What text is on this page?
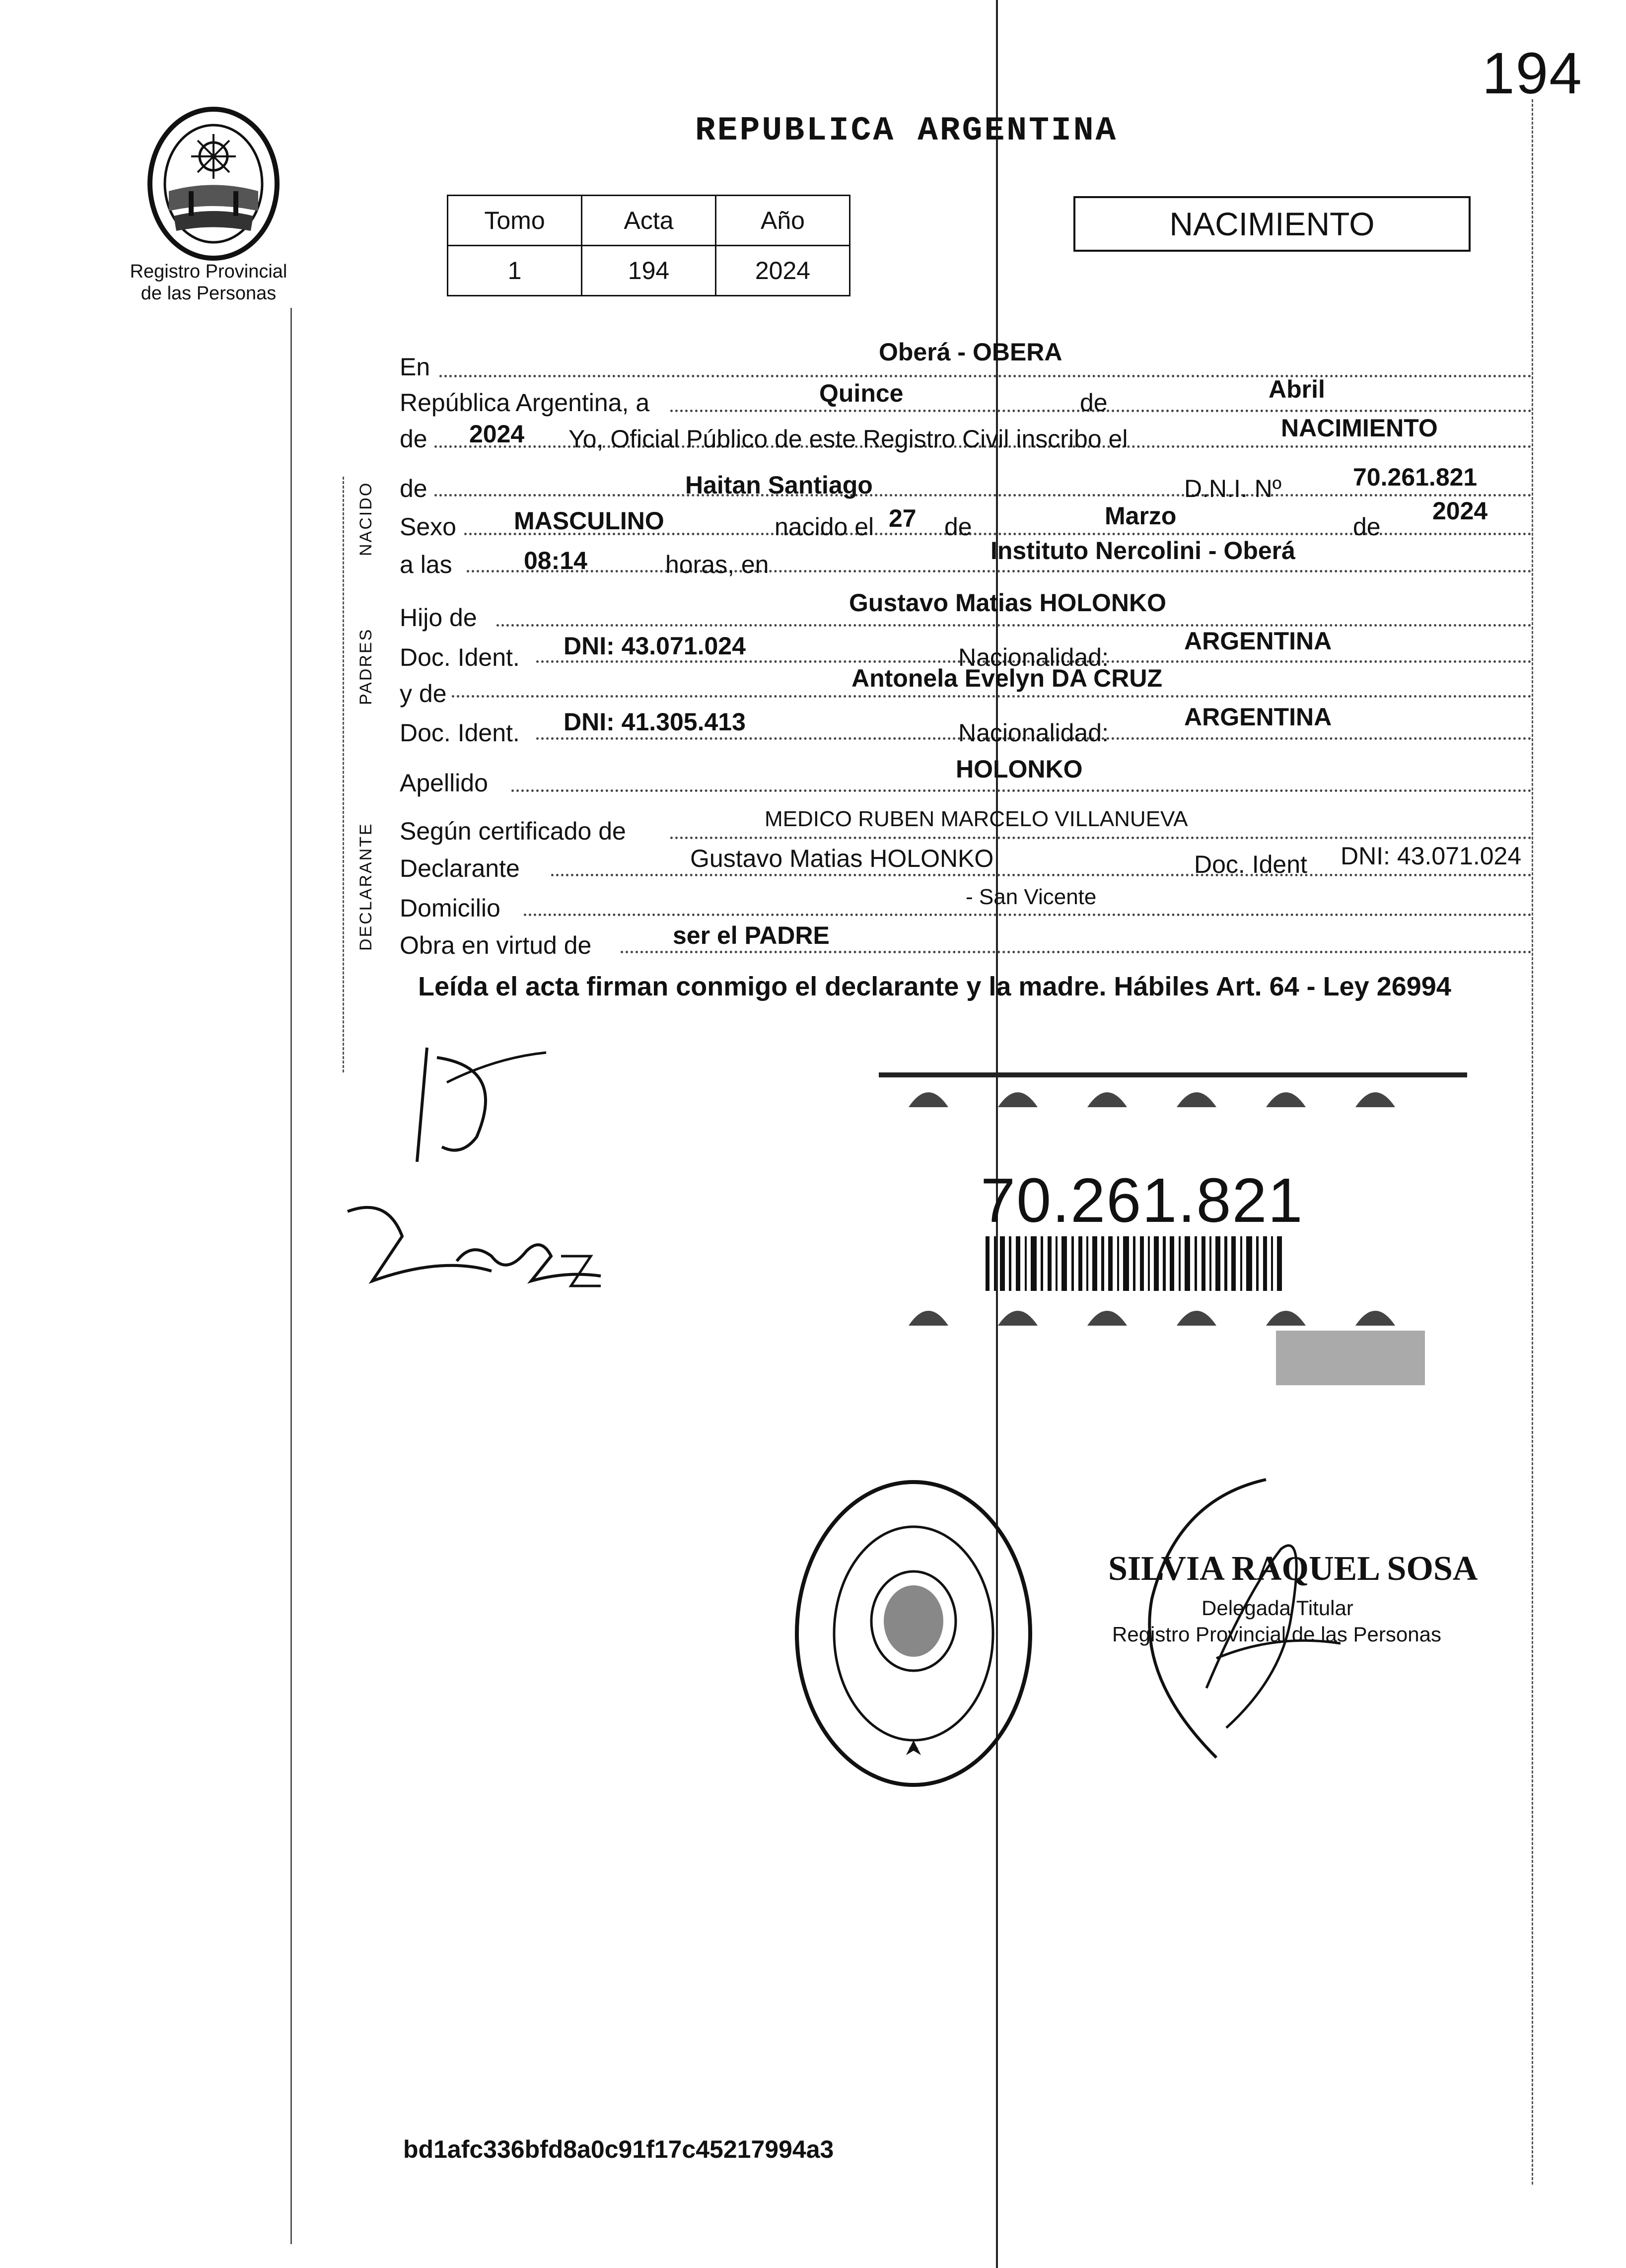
194
Registro Provincial
de las Personas
REPUBLICA ARGENTINA
Tomo	Acta	Año
1	194	2024
NACIMIENTO
NACIDO
PADRES
DECLARANTE
En
Oberá - OBERA
República Argentina, a	Quince	de	Abril
de 2024 Yo, Oficial Público de este Registro Civil inscribo el	NACIMIENTO
de	Haitan Santiago	D.N.I. Nº	70.261.821
Sexo MASCULINO	nacido el 27 de	Marzo	de
2024
a las	08:14	horas, en	Instituto Nercolini - Oberá
Hijo de
Gustavo Matias HOLONKO
Doc. Ident. DNI: 43.071.024	Nacionalidad:
ARGENTINA
y de
Antonela Evelyn DA CRUZ
Doc. Ident. DNI: 41.305.413	Nacionalidad:
ARGENTINA
Apellido	HOLONKO
Según certificado de	MEDICO RUBEN MARCELO VILLANUEVA
Declarante	Gustavo Matias HOLONKO	Doc. Ident DNI: 43.071.024
Domicilio	- San Vicente
Obra en virtud de	ser el PADRE
Leída el acta firman conmigo el declarante y la madre. Hábiles Art. 64 - Ley 26994
70.261.821
SILVIA RAQUEL SOSA
Delegada Titular
Registro Provincial de las Personas
bd1afc336bfd8a0c91f17c45217994a3
